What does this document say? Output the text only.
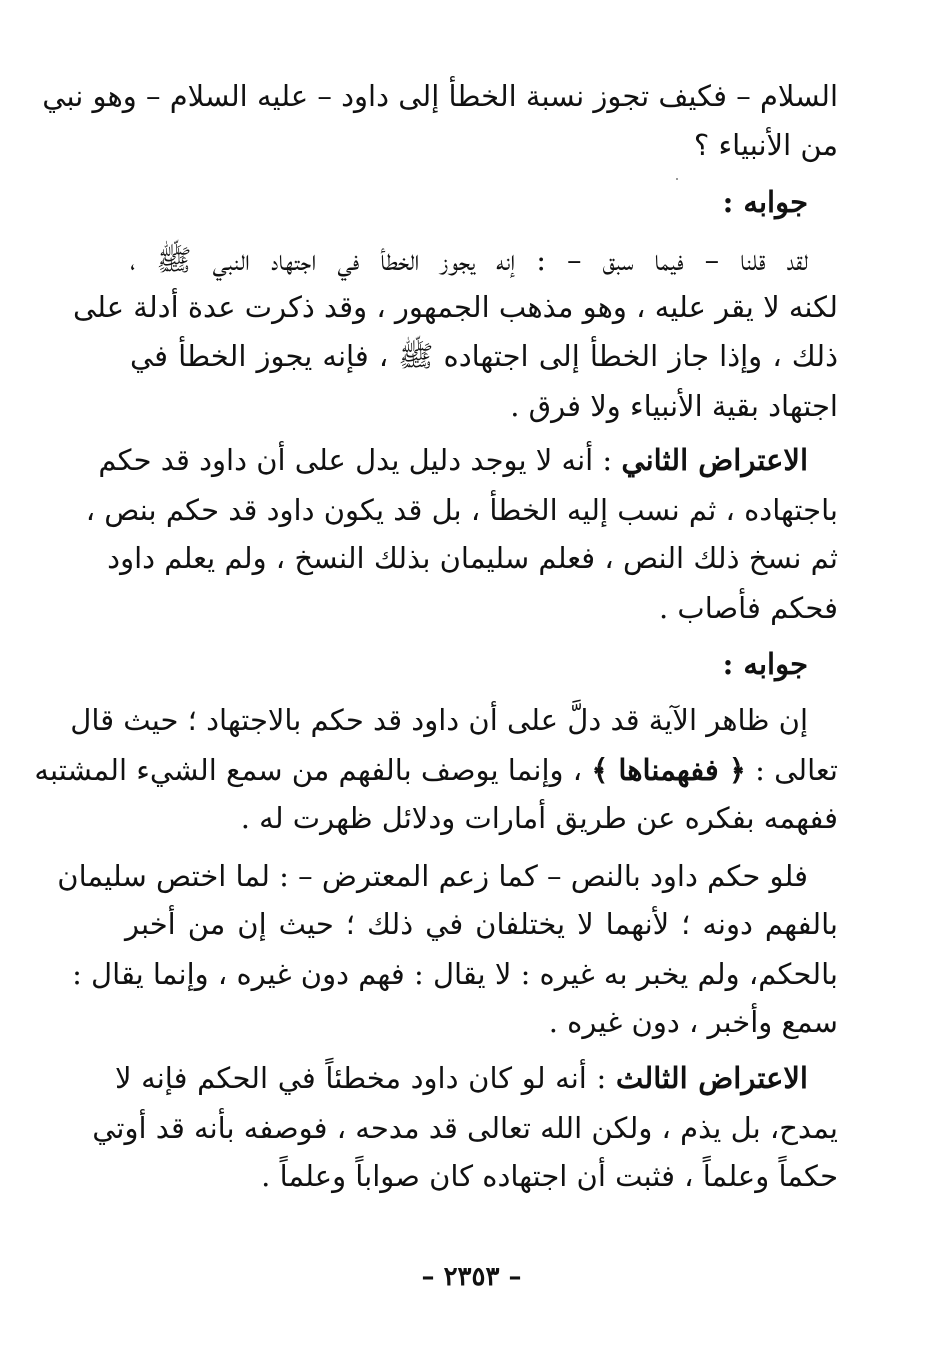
السلام – فكيف تجوز نسبة الخطأ إلى داود – عليه السلام – وهو نبي
من الأنبياء ؟
جوابه :
لقد قلنا – فيما سبق – : إنه يجوز الخطأ في اجتهاد النبي ﷺ ،
لكنه لا يقر عليه ، وهو مذهب الجمهور ، وقد ذكرت عدة أدلة على
ذلك ، وإذا جاز الخطأ إلى اجتهاده ﷺ ، فإنه يجوز الخطأ في
اجتهاد بقية الأنبياء ولا فرق .
الاعتراض الثاني : أنه لا يوجد دليل يدل على أن داود قد حكم
باجتهاده ، ثم نسب إليه الخطأ ، بل قد يكون داود قد حكم بنص ،
ثم نسخ ذلك النص ، فعلم سليمان بذلك النسخ ، ولم يعلم داود
فحكم فأصاب .
جوابه :
إن ظاهر الآية قد دلَّ على أن داود قد حكم بالاجتهاد ؛ حيث قال
تعالى : ﴿ ففهمناها ﴾ ، وإنما يوصف بالفهم من سمع الشيء المشتبه
ففهمه بفكره عن طريق أمارات ودلائل ظهرت له .
فلو حكم داود بالنص – كما زعم المعترض – : لما اختص سليمان
بالفهم دونه ؛ لأنهما لا يختلفان في ذلك ؛ حيث إن من أخبر
بالحكم، ولم يخبر به غيره : لا يقال : فهم دون غيره ، وإنما يقال :
سمع وأخبر ، دون غيره .
الاعتراض الثالث : أنه لو كان داود مخطئاً في الحكم فإنه لا
يمدح، بل يذم ، ولكن الله تعالى قد مدحه ، فوصفه بأنه قد أوتي
حكماً وعلماً ، فثبت أن اجتهاده كان صواباً وعلماً .
– ٢٣٥٣ –
